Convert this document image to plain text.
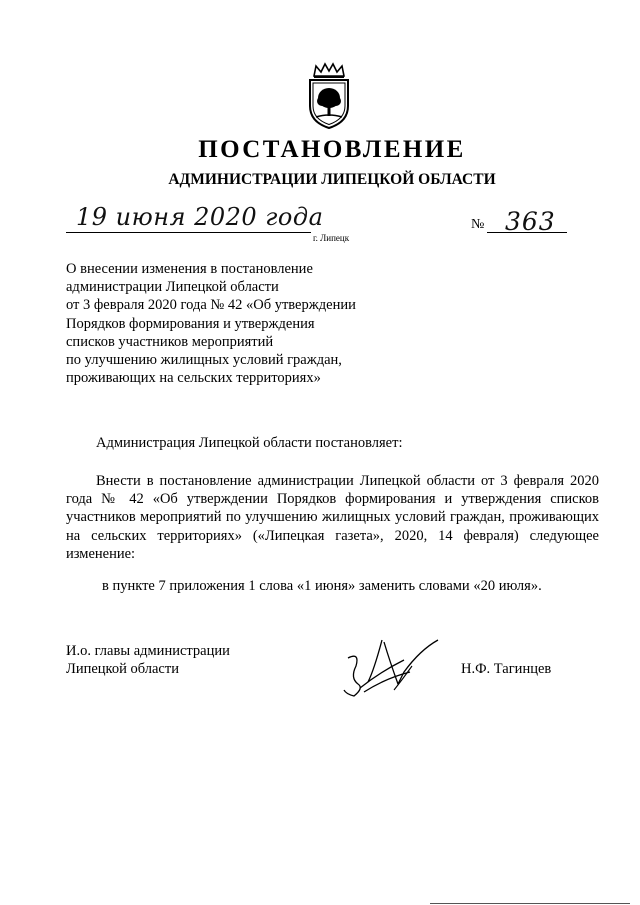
ПОСТАНОВЛЕНИЕ
АДМИНИСТРАЦИИ ЛИПЕЦКОЙ ОБЛАСТИ
19 июня 2020 года
г. Липецк
№ 363
О внесении изменения в постановление
администрации Липецкой области
от 3 февраля 2020 года № 42 «Об утверждении
Порядков формирования и утверждения
списков участников мероприятий
по улучшению жилищных условий граждан,
проживающих на сельских территориях»
Администрация Липецкой области постановляет:
Внести в постановление администрации Липецкой области от 3 февраля 2020 года № 42 «Об утверждении Порядков формирования и утверждения списков участников мероприятий по улучшению жилищных условий граждан, проживающих на сельских территориях» («Липецкая газета», 2020, 14 февраля) следующее изменение:
в пункте 7 приложения 1 слова «1 июня» заменить словами «20 июля».
И.о. главы администрации
Липецкой области	Н.Ф. Тагинцев
